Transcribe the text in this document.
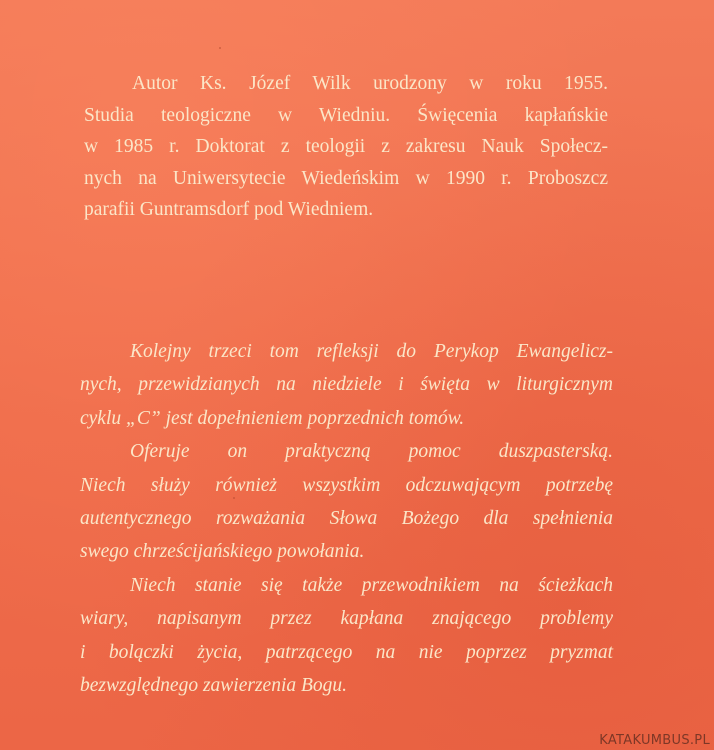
Autor Ks. Józef Wilk urodzony w roku 1955.
Studia teologiczne w Wiedniu. Święcenia kapłańskie
w 1985 r. Doktorat z teologii z zakresu Nauk Społecz-
nych na Uniwersytecie Wiedeńskim w 1990 r. Proboszcz
parafii Guntramsdorf pod Wiedniem.
Kolejny trzeci tom refleksji do Perykop Ewangelicz-
nych, przewidzianych na niedziele i święta w liturgicznym
cyklu „C” jest dopełnieniem poprzednich tomów.
Oferuje on praktyczną pomoc duszpasterską.
Niech służy również wszystkim odczuwającym potrzebę
autentycznego rozważania Słowa Bożego dla spełnienia
swego chrześcijańskiego powołania.
Niech stanie się także przewodnikiem na ścieżkach
wiary, napisanym przez kapłana znającego problemy
i bolączki życia, patrzącego na nie poprzez pryzmat
bezwzględnego zawierzenia Bogu.
KATAKUMBUS.PL
